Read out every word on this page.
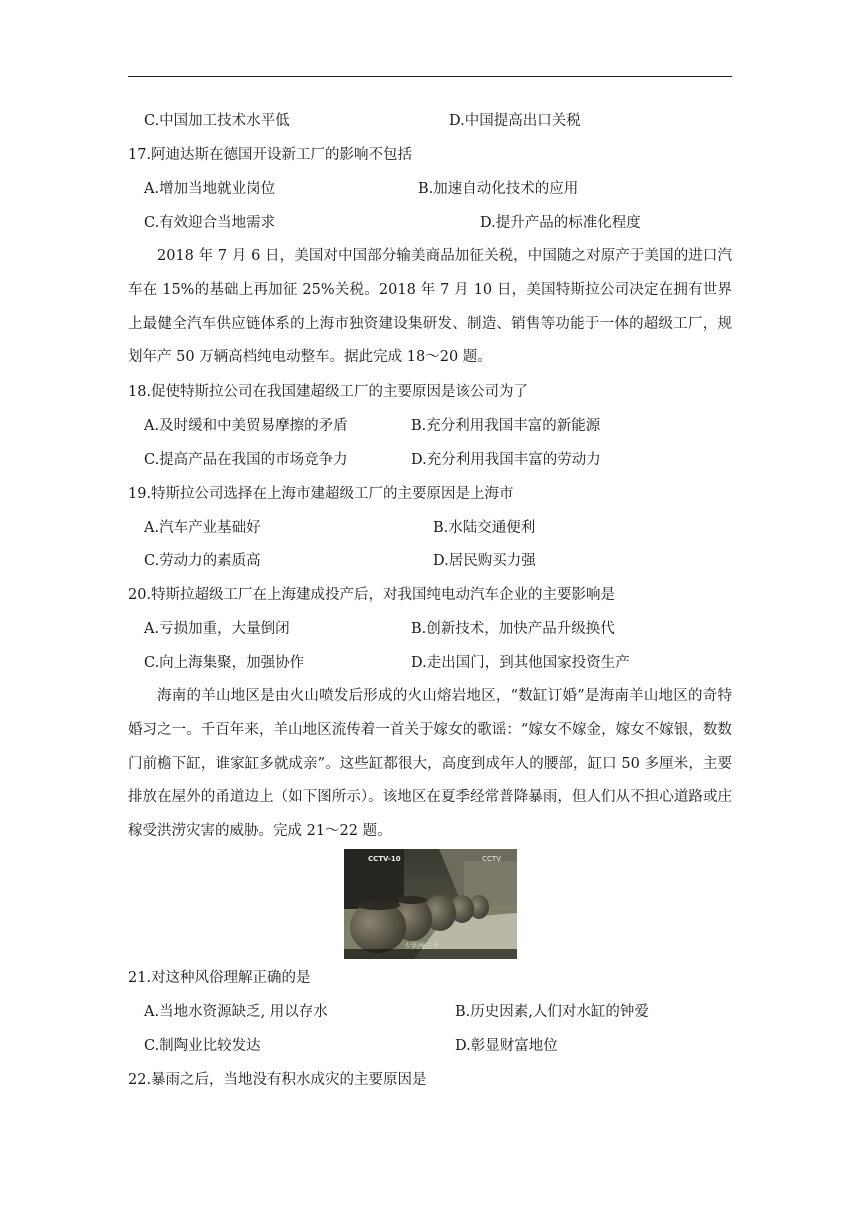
C.中国加工技术水平低	D.中国提高出口关税
17.阿迪达斯在德国开设新工厂的影响不包括
A.增加当地就业岗位	B.加速自动化技术的应用
C.有效迎合当地需求	D.提升产品的标准化程度

2018 年 7 月 6 日，美国对中国部分输美商品加征关税，中国随之对原产于美国的进口汽车在 15%的基础上再加征 25%关税。2018 年 7 月 10 日，美国特斯拉公司决定在拥有世界上最健全汽车供应链体系的上海市独资建设集研发、制造、销售等功能于一体的超级工厂，规划年产 50 万辆高档纯电动整车。据此完成 18～20 题。

18.促使特斯拉公司在我国建超级工厂的主要原因是该公司为了
A.及时缓和中美贸易摩擦的矛盾	B.充分利用我国丰富的新能源
C.提高产品在我国的市场竞争力	D.充分利用我国丰富的劳动力
19.特斯拉公司选择在上海市建超级工厂的主要原因是上海市
A.汽车产业基础好	B.水陆交通便利
C.劳动力的素质高	D.居民购买力强
20.特斯拉超级工厂在上海建成投产后，对我国纯电动汽车企业的主要影响是
A.亏损加重，大量倒闭	B.创新技术，加快产品升级换代
C.向上海集聚，加强协作	D.走出国门，到其他国家投资生产

海南的羊山地区是由火山喷发后形成的火山熔岩地区，“数缸订婚”是海南羊山地区的奇特婚习之一。千百年来，羊山地区流传着一首关于嫁女的歌谣：“嫁女不嫁金，嫁女不嫁银，数数门前檐下缸，谁家缸多就成亲”。这些缸都很大，高度到成年人的腰部，缸口 50 多厘米，主要排放在屋外的甬道边上（如下图所示）。该地区在夏季经常普降暴雨，但人们从不担心道路或庄稼受洪涝灾害的威胁。完成 21～22 题。

CCTV-10	CCTV
少到两三个
21.对这种风俗理解正确的是
A.当地水资源缺乏, 用以存水	B.历史因素,人们对水缸的钟爱
C.制陶业比较发达	D.彰显财富地位
22.暴雨之后，当地没有积水成灾的主要原因是
